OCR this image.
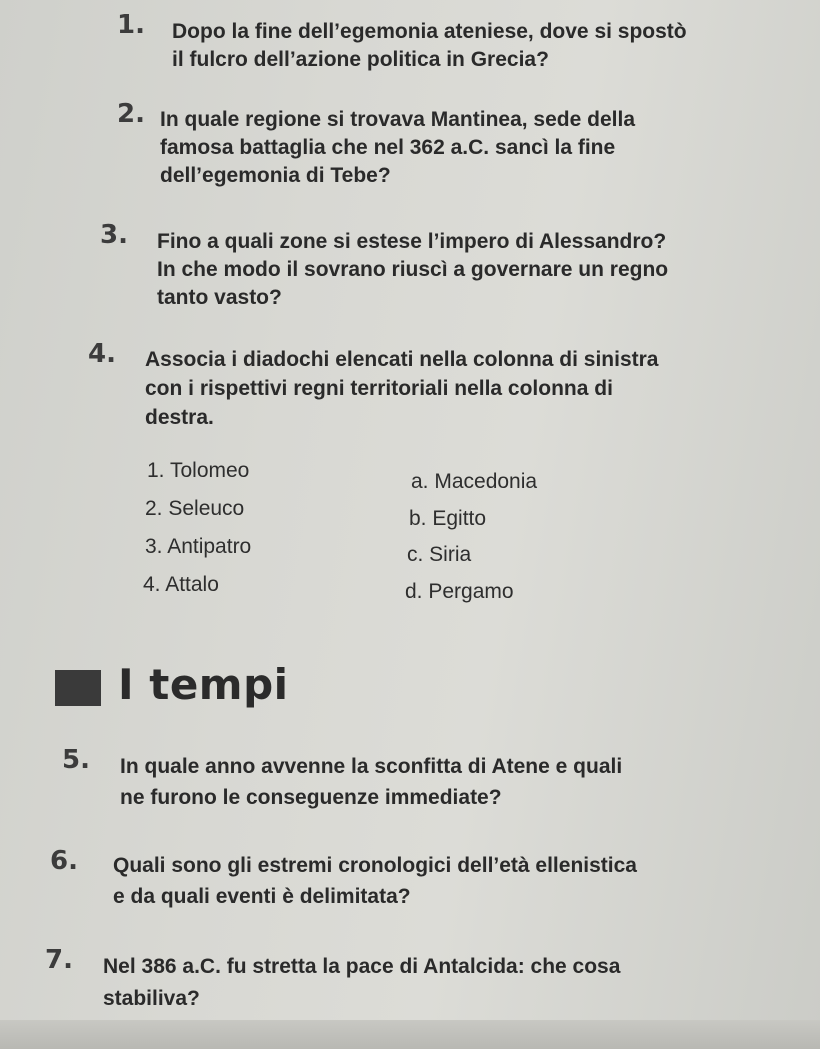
1. Dopo la fine dell’egemonia ateniese, dove si spostò
il fulcro dell’azione politica in Grecia?
2. In quale regione si trovava Mantinea, sede della
famosa battaglia che nel 362 a.C. sancì la fine
dell’egemonia di Tebe?
3. Fino a quali zone si estese l’impero di Alessandro?
In che modo il sovrano riuscì a governare un regno
tanto vasto?
4. Associa i diadochi elencati nella colonna di sinistra
con i rispettivi regni territoriali nella colonna di
destra.
1. Tolomeo
2. Seleuco
3. Antipatro
4. Attalo
a. Macedonia
b. Egitto
c. Siria
d. Pergamo
I tempi
5. In quale anno avvenne la sconfitta di Atene e quali
ne furono le conseguenze immediate?
6. Quali sono gli estremi cronologici dell’età ellenistica
e da quali eventi è delimitata?
7. Nel 386 a.C. fu stretta la pace di Antalcida: che cosa
stabiliva?
